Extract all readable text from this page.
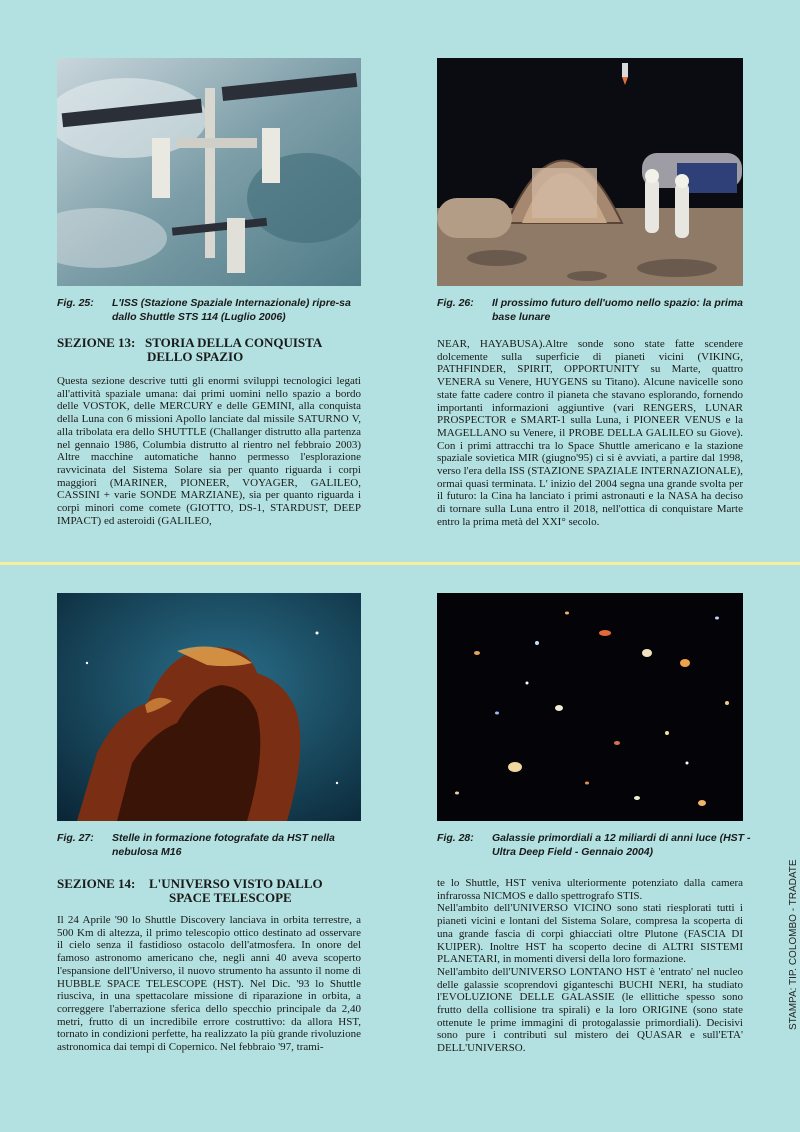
Fig. 25: L'ISS (Stazione Spaziale Internazionale) ripre-sa dallo Shuttle STS 114 (Luglio 2006)
Fig. 26: Il prossimo futuro dell'uomo nello spazio: la prima base lunare
SEZIONE 13: STORIA DELLA CONQUISTA
DELLO SPAZIO

Questa sezione descrive tutti gli enormi sviluppi tecnologici legati all'attività spaziale umana: dai primi uomini nello spazio a bordo delle VOSTOK, delle MERCURY e delle GEMINI, alla conquista della Luna con 6 missioni Apollo lanciate dal missile SATURNO V, alla tribolata era dello SHUTTLE (Challanger distrutto alla partenza nel gennaio 1986, Columbia distrutto al rientro nel febbraio 2003) Altre macchine automatiche hanno permesso l'esplorazione ravvicinata del Sistema Solare sia per quanto riguarda i corpi maggiori (MARINER, PIONEER, VOYAGER, GALILEO, CASSINI + varie SONDE MARZIANE), sia per quanto riguarda i corpi minori come comete (GIOTTO, DS-1, STARDUST, DEEP IMPACT) ed asteroidi (GALILEO,

NEAR, HAYABUSA).Altre sonde sono state fatte scendere dolcemente sulla superficie di pianeti vicini (VIKING, PATHFINDER, SPIRIT, OPPORTUNITY su Marte, quattro VENERA su Venere, HUYGENS su Titano). Alcune navicelle sono state fatte cadere contro il pianeta che stavano esplorando, fornendo importanti informazioni aggiuntive (vari RENGERS, LUNAR PROSPECTOR e SMART-1 sulla Luna, i PIONEER VENUS e la MAGELLANO su Venere, il PROBE DELLA GALILEO su Giove). Con i primi attracchi tra lo Space Shuttle americano e la stazione spaziale sovietica MIR (giugno'95) ci si è avviati, a partire dal 1998, verso l'era della ISS (STAZIONE SPAZIALE INTERNAZIONALE), ormai quasi terminata. L' inizio del 2004 segna una grande svolta per il futuro: la Cina ha lanciato i primi astronauti e la NASA ha deciso di tornare sulla Luna entro il 2018, nell'ottica di conquistare Marte entro la prima metà del XXI° secolo.

Fig. 27: Stelle in formazione fotografate da HST nella nebulosa M16
Fig. 28: Galassie primordiali a 12 miliardi di anni luce (HST - Ultra Deep Field - Gennaio 2004)
SEZIONE 14: L'UNIVERSO VISTO DALLO
SPACE TELESCOPE

Il 24 Aprile '90 lo Shuttle Discovery lanciava in orbita terrestre, a 500 Km di altezza, il primo telescopio ottico destinato ad osservare il cielo senza il fastidioso ostacolo dell'atmosfera. In onore del famoso astronomo americano che, negli anni 40 aveva scoperto l'espansione dell'Universo, il nuovo strumento ha assunto il nome di HUBBLE SPACE TELESCOPE (HST). Nel Dic. '93 lo Shuttle riusciva, in una spettacolare missione di riparazione in orbita, a correggere l'aberrazione sferica dello specchio principale da 2,40 metri, frutto di un incredibile errore costruttivo: da allora HST, tornato in condizioni perfette, ha realizzato la più grande rivoluzione astronomica dai tempi di Copernico. Nel febbraio '97, trami-

te lo Shuttle, HST veniva ulteriormente potenziato dalla camera infrarossa NICMOS e dallo spettrografo STIS.

Nell'ambito dell'UNIVERSO VICINO sono stati riesplorati tutti i pianeti vicini e lontani del Sistema Solare, compresa la scoperta di una grande fascia di corpi ghiacciati oltre Plutone (FASCIA DI KUIPER). Inoltre HST ha scoperto decine di ALTRI SISTEMI PLANETARI, in momenti diversi della loro formazione.

Nell'ambito dell'UNIVERSO LONTANO HST è 'entrato' nel nucleo delle galassie scoprendovi giganteschi BUCHI NERI, ha studiato l'EVOLUZIONE DELLE GALASSIE (le ellittiche spesso sono frutto della collisione tra spirali) e la loro ORIGINE (sono state ottenute le prime immagini di protogalassie primordiali). Decisivi sono pure i contributi sul mistero dei QUASAR e sull'ETA' DELL'UNIVERSO.

STAMPA: TIP. COLOMBO - TRADATE
